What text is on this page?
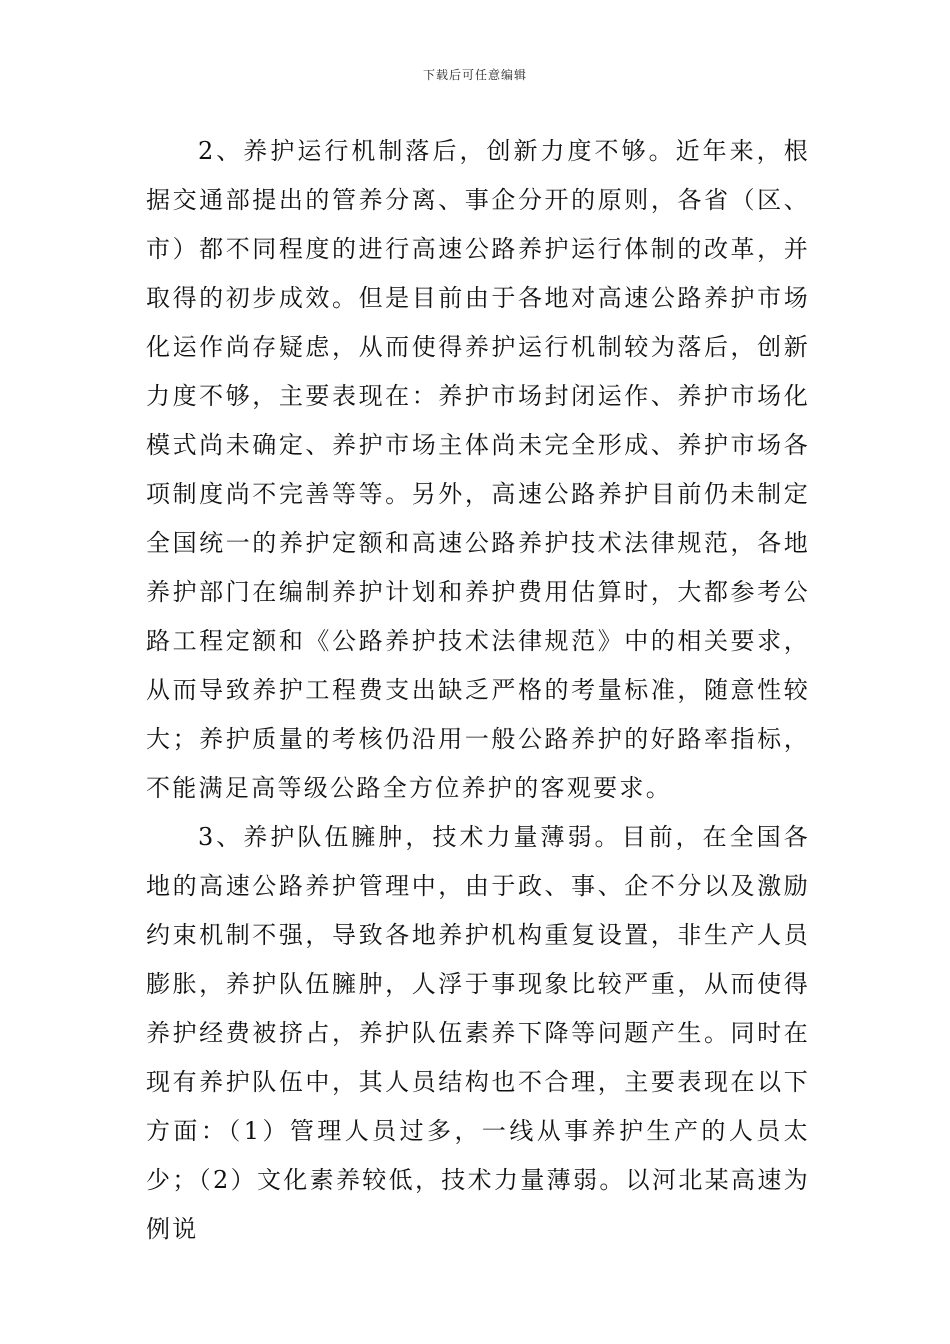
下载后可任意编辑

2、养护运行机制落后，创新力度不够。近年来，根据交通部提出的管养分离、事企分开的原则，各省（区、市）都不同程度的进行高速公路养护运行体制的改革，并取得的初步成效。但是目前由于各地对高速公路养护市场化运作尚存疑虑，从而使得养护运行机制较为落后，创新力度不够，主要表现在：养护市场封闭运作、养护市场化模式尚未确定、养护市场主体尚未完全形成、养护市场各项制度尚不完善等等。另外，高速公路养护目前仍未制定全国统一的养护定额和高速公路养护技术法律规范，各地养护部门在编制养护计划和养护费用估算时，大都参考公路工程定额和《公路养护技术法律规范》中的相关要求，从而导致养护工程费支出缺乏严格的考量标准，随意性较大；养护质量的考核仍沿用一般公路养护的好路率指标，不能满足高等级公路全方位养护的客观要求。

3、养护队伍臃肿，技术力量薄弱。目前，在全国各地的高速公路养护管理中，由于政、事、企不分以及激励约束机制不强，导致各地养护机构重复设置，非生产人员膨胀，养护队伍臃肿，人浮于事现象比较严重，从而使得养护经费被挤占，养护队伍素养下降等问题产生。同时在现有养护队伍中，其人员结构也不合理，主要表现在以下方面：（1）管理人员过多，一线从事养护生产的人员太少；（2）文化素养较低，技术力量薄弱。以河北某高速为例说
